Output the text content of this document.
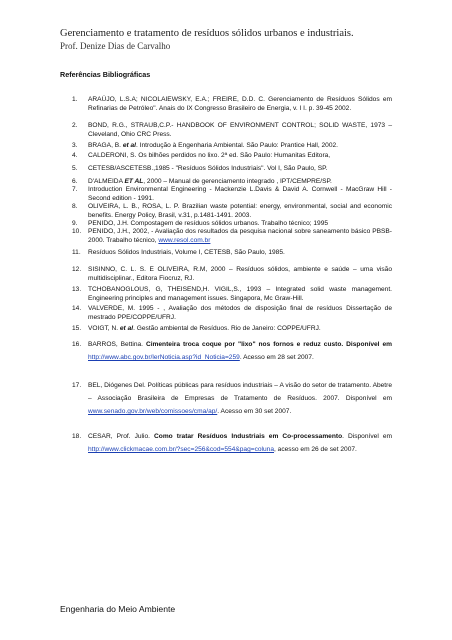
Gerenciamento e tratamento de resíduos sólidos urbanos e industriais.
Prof. Denize Dias de Carvalho
Referências Bibliográficas
1.	ARAÚJO, L.S.A; NICOLAIEWSKY, E.A.; FREIRE, D.D. C. Gerenciamento de Resíduos Sólidos em Refinarias de Petróleo". Anais do IX Congresso Brasileiro de Energia, v. I I. p. 39-45 2002.
2.	BOND, R.G., STRAUB,C.P.- HANDBOOK OF ENVIRONMENT CONTROL; SOLID WASTE, 1973 – Cleveland, Ohio CRC Press.
3.	BRAGA, B. et al. Introdução à Engenharia Ambiental. São Paulo: Prantice Hall, 2002.
4.	CALDERONI, S. Os bilhões perdidos no lixo. 2ª ed. São Paulo: Humanitas Editora,
5.	CETESB/ASCETESB.,1985 - "Resíduos Sólidos Industriais". Vol I, São Paulo, SP.
6.	D'ALMEIDA ET AL, 2000 – Manual de gerenciamento integrado , IPT/CEMPRE/SP.
7.	Introduction Environmental Engineering - Mackenzie L.Davis & David A. Cornwell - MacGraw Hill - Second edition - 1991.
8.	OLIVEIRA, L. B., ROSA, L. P. Brazilian waste potential: energy, environmental, social and economic benefits. Energy Policy, Brasil, v.31, p.1481-1491. 2003.
9.	PENIDO, J.H. Compostagem de resíduos sólidos urbanos. Trabalho técnico; 1995
10.	PENIDO, J.H., 2002, - Avaliação dos resultados da pesquisa nacional sobre saneamento básico PBSB-2000. Trabalho técnico, www.resol.com.br
11.	Resíduos Sólidos Industriais, Volume I, CETESB, São Paulo, 1985.
12.	SISINNO, C. L. S. E OLIVEIRA, R.M, 2000 – Resíduos sólidos, ambiente e saúde – uma visão multidisciplinar., Editora Fiocruz, RJ.
13.	TCHOBANOGLOUS, G, THEISEND,H. VIGIL,S., 1993 – Integrated solid waste management. Engineering principles and management issues. Singapora, Mc Graw-Hill.
14.	VALVERDE, M. 1995 - , Avaliação dos métodos de disposição final de resíduos Dissertação de mestrado PPE/COPPE/UFRJ.
15.	VOIGT, N. et al. Gestão ambiental de Resíduos. Rio de Janeiro: COPPE/UFRJ.
16.	BARROS, Bettina. Cimenteira troca coque por "lixo" nos fornos e reduz custo. Disponível em http://www.abc.gov.br/lerNoticia.asp?id_Noticia=259. Acesso em 28 set 2007.
17.	BEL, Diógenes Del. Políticas públicas para resíduos industriais – A visão do setor de tratamento. Abetre – Associação Brasileira de Empresas de Tratamento de Resíduos. 2007. Disponível em www.senado.gov.br/web/comissoes/cma/ap/. Acesso em 30 set 2007.
18.	CESAR, Prof. Julio. Como tratar Resíduos Industriais em Co-processamento. Disponível em http://www.clickmacae.com.br/?sec=256&cod=554&pag=coluna, acesso em 26 de set 2007.
Engenharia do Meio Ambiente
